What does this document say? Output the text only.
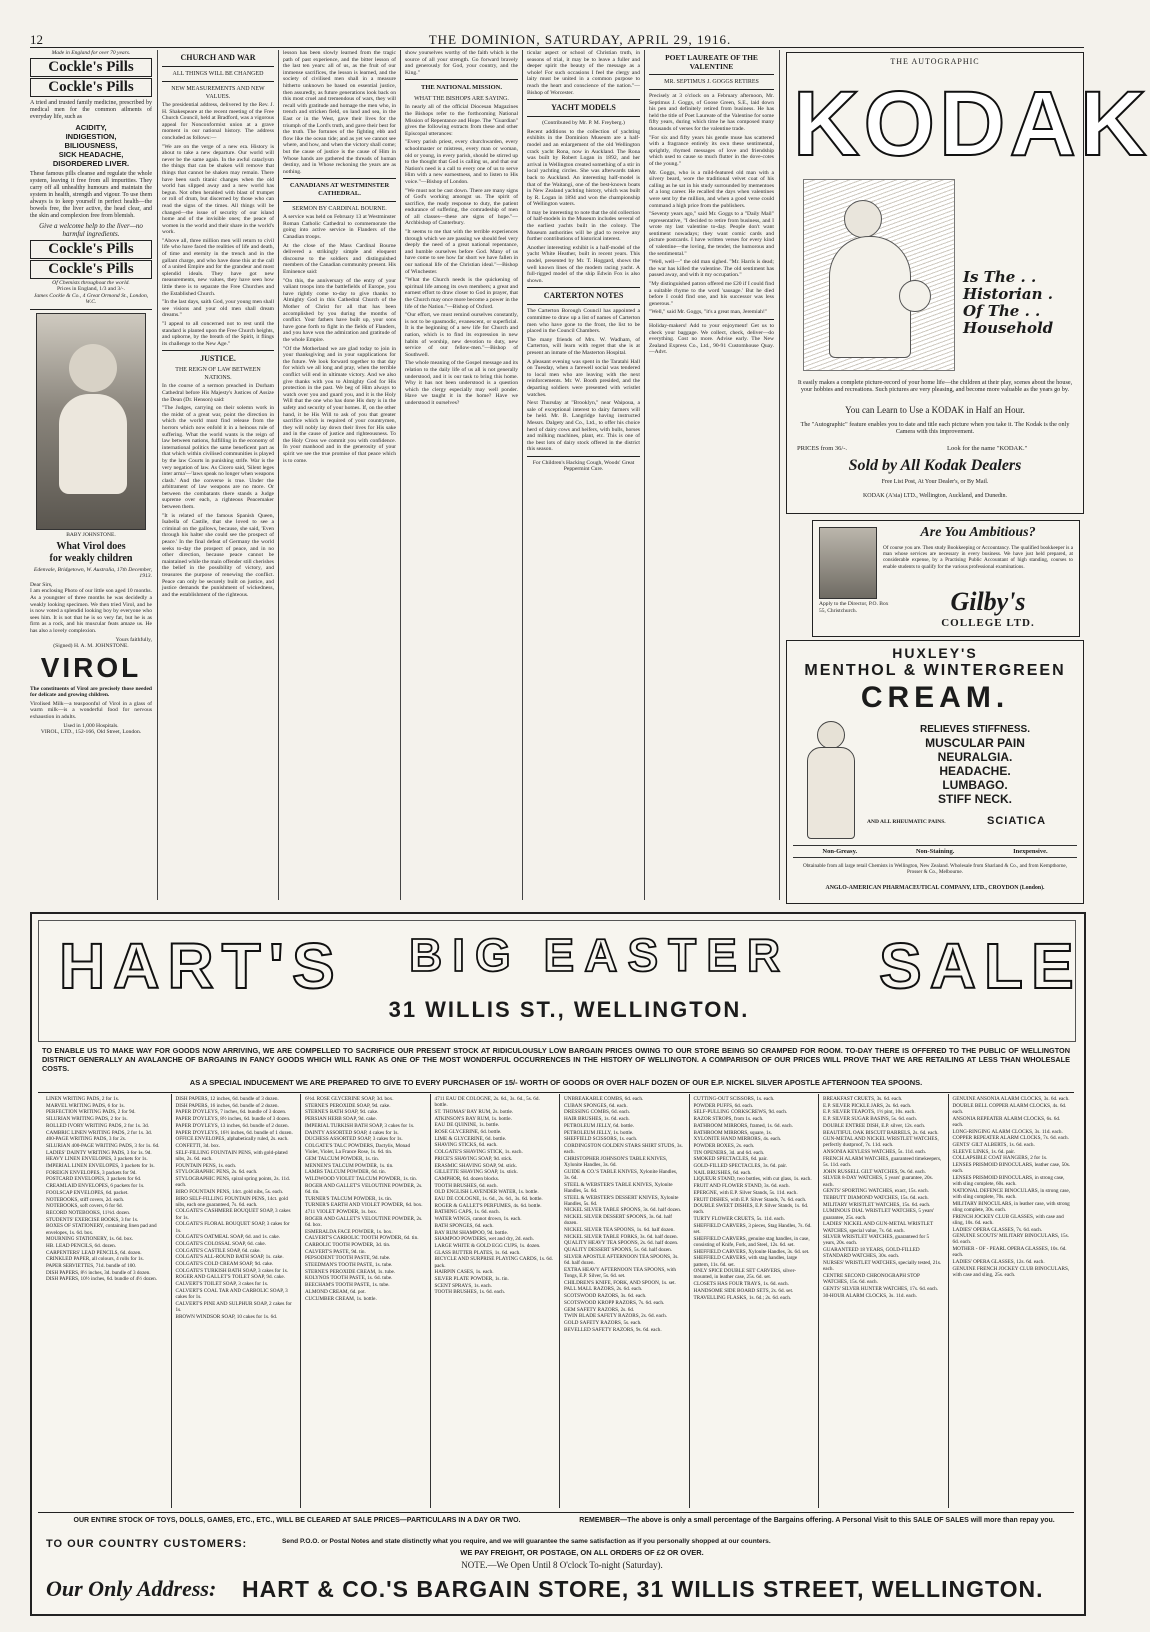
12	THE DOMINION, SATURDAY, APRIL 29, 1916.
Made in England for over 70 years.
Cockle's Pills
Cockle's Pills

A tried and trusted family medicine, prescribed by medical men for the common ailments of everyday life, such as

ACIDITY,
INDIGESTION,
BILIOUSNESS,
SICK HEADACHE,
DISORDERED LIVER.

These famous pills cleanse and regulate the whole system, leaving it free from all impurities. They carry off all unhealthy humours and maintain the system in health, strength and vigour. To use them always is to keep yourself in perfect health—the bowels free, the liver active, the head clear, and the skin and complexion free from blemish.

Give a welcome help to the liver—no harmful ingredients.

Cockle's Pills
Cockle's Pills
Of Chemists throughout the world.
Prices in England, 1/3 and 3/-.
James Cockle & Co., 4 Great Ormond St., London, W.C.
BABY JOHNSTONE.
What Virol does
for weakly children
Edenvale, Bridgetown, W. Australia, 17th December, 1913.
Dear Sirs,

I am enclosing Photo of our little son aged 10 months. As a youngster of three months he was decidedly a weakly looking specimen. We then tried Virol, and he is now voted a splendid looking boy by everyone who sees him. It is not that he is so very fat, but he is as firm as a rock, and his muscular feats amaze us. He has also a lovely complexion.

Yours faithfully,
(Signed) H. A. M. JOHNSTONE.
VIROL

The constituents of Virol are precisely those needed for delicate and growing children.

Virolised Milk—a teaspoonful of Virol in a glass of warm milk—is a wonderful food for nervous exhaustion in adults.

Used in 1,000 Hospitals.
VIROL, LTD., 152-166, Old Street, London.
CHURCH AND WAR
ALL THINGS WILL BE CHANGED
NEW MEASUREMENTS AND NEW VALUES.

The presidential address, delivered by the Rev. J. H. Shakespeare at the recent meeting of the Free Church Council, held at Bradford, was a vigorous appeal for Nonconformist union at a grave moment in our national history. The address concluded as follows:—

"We are on the verge of a new era. History is about to take a new departure. Our world will never be the same again. In the awful cataclysm the things that can be shaken will remove that things that cannot be shaken may remain. There have been such titanic changes when the old world has slipped away and a new world has begun. Not often heralded with blast of trumpet or roll of drum, but discerned by those who can read the signs of the times. All things will be changed—the issue of security of our island home and of the invisible ones; the peace of women in the world and their share in the world's work.

"Above all, three million men will return to civil life who have faced the realities of life and death, of time and eternity in the trench and in the gallant charge, and who have done this at the call of a united Empire and for the grandeur and most splendid ideals. They have got new measurements, new values, they have seen how little there is to separate the Free Churches and the Established Church.

"In the last days, saith God, your young men shall see visions and your old men shall dream dreams."

"I appeal to all concerned not to rest until the standard is planted upon the Free Church heights, and upborne, by the breath of the Spirit, it flings its challenge to the New Age."

JUSTICE.
THE REIGN OF LAW BETWEEN NATIONS.

In the course of a sermon preached in Durham Cathedral before His Majesty's Justices of Assize the Dean (Dr. Henson) said:

"The Judges, carrying on their solemn work in the midst of a great war, point the direction in which the world must find release from the horrors which now enfold it in a heinous rule of suffering. What the world wants is the reign of law between nations, fulfilling in the economy of international politics the same beneficent part as that which within civilised communities is played by the law Courts in punishing strife. War is the very negation of law. As Cicero said, 'Silent leges inter arma'—'laws speak no longer when weapons clash.' And the converse is true. Under the arbitrament of law weapons are no more. Or between the combatants there stands a Judge supreme over each, a righteous Peacemaker between them.

"It is related of the famous Spanish Queen, Isabella of Castile, that she loved to see a criminal on the gallows, because, she said, 'Even through his halter she could see the prospect of peace.' In the final defeat of Germany the world seeks to-day the prospect of peace, and in no other direction, because peace cannot be maintained while the main offender still cherishes the belief in the possibility of victory, and treasures the purpose of renewing the conflict. Peace can only be securely built on justice, and justice demands the punishment of wickedness, and the establishment of the righteous.

lesson has been slowly learned from the tragic path of past experience, and the bitter lesson of the last ten years: all of us, as the fruit of our immense sacrifices, the lesson is learned, and the society of civilised men shall in a measure hitherto unknown be based on essential justice, then assuredly, as future generations look back on this most cruel and tremendous of wars, they will recall with gratitude and homage the men who, in trench and stricken field, on land and sea, in the East or in the West, gave their lives for the triumph of the Lord's truth, and gave their best for the truth. The fortunes of the fighting ebb and flow like the ocean tide; and as yet we cannot see where, and how, and when the victory shall come; but the cause of justice is the cause of Him in Whose hands are gathered the threads of human destiny, and in Whose reckoning the years are as nothing.

CANADIANS AT WESTMINSTER CATHEDRAL.
SERMON BY CARDINAL BOURNE.

A service was held on February 13 at Westminster Roman Catholic Cathedral to commemorate the going into active service in Flanders of the Canadian troops.

At the close of the Mass Cardinal Bourne delivered a strikingly simple and eloquent discourse to the soldiers and distinguished members of the Canadian community present. His Eminence said:

"On this, the anniversary of the entry of your valiant troops into the battlefields of Europe, you have rightly come to-day to give thanks to Almighty God in this Cathedral Church of the Mother of Christ for all that has been accomplished by you during the months of conflict. Your fathers have built up, your sons have gone forth to fight in the fields of Flanders, and you have won the admiration and gratitude of the whole Empire.

"Of the Motherland we are glad today to join in your thanksgiving and in your supplications for the future. We look forward together to that day for which we all long and pray, when the terrible conflict will end in ultimate victory. And we also give thanks with you to Almighty God for His protection in the past. We beg of Him always to watch over you and guard you, and it is the Holy Will that the one who has done His duty is in the safety and security of your homes. If, on the other hand, it be His Will to ask of you that greater sacrifice which is required of your countrymen, they will nobly lay down their lives for His sake and in the cause of justice and righteousness. To the Holy Cross we commit you with confidence. In your manhood and in the generosity of your spirit we see the true promise of that peace which is to come.

show yourselves worthy of the faith which is the source of all your strength. Go forward bravely and generously for God, your country, and the King."

THE NATIONAL MISSION.
WHAT THE BISHOPS ARE SAYING.

In nearly all of the official Diocesan Magazines the Bishops refer to the forthcoming National Mission of Repentance and Hope. The "Guardian" gives the following extracts from these and other Episcopal utterances:

"Every parish priest, every churchwarden, every schoolmaster or mistress, every man or woman, old or young, in every parish, should be stirred up to the thought that God is calling us, and that our Nation's need is a call to every one of us to serve Him with a new earnestness, and to listen to His voice."—Bishop of London.

"We must not be cast down. There are many signs of God's working amongst us. The spirit of sacrifice, the ready response to duty, the patient endurance of suffering, the comradeship of men of all classes—these are signs of hope."—Archbishop of Canterbury.

"It seems to me that with the terrible experiences through which we are passing we should feel very deeply the need of a great national repentance, and humble ourselves before God. Many of us have come to see how far short we have fallen in our national life of the Christian ideal."—Bishop of Winchester.

"What the Church needs is the quickening of spiritual life among its own members; a great and earnest effort to draw closer to God in prayer, that the Church may once more become a power in the life of the Nation."—Bishop of Oxford.

"Our effort, we must remind ourselves constantly, is not to be spasmodic, evanescent, or superficial. It is the beginning of a new life for Church and nation, which is to find its expression in new habits of worship, new devotion to duty, new service of our fellow-men."—Bishop of Southwell.

The whole meaning of the Gospel message and its relation to the daily life of us all is not generally understood, and it is our task to bring this home. Why it has not been understood is a question which the clergy especially may well ponder. Have we taught it in the home? Have we understood it ourselves?

ticular aspect or school of Christian truth, in seasons of trial, it may be to leave a fuller and deeper spirit the beauty of the message as a whole! For such occasions I feel the clergy and laity must be united in a common purpose to reach the heart and conscience of the nation."—Bishop of Worcester.

YACHT MODELS

(Contributed by Mr. P. M. Freyberg.)

Recent additions to the collection of yachting exhibits in the Dominion Museum are a half-model and an enlargement of the old Wellington crack yacht Rona, now in Auckland. The Rona was built by Robert Logan in 1892, and her arrival in Wellington created something of a stir in local yachting circles. She was afterwards taken back to Auckland. An interesting half-model is that of the Waitangi, one of the best-known boats in New Zealand yachting history, which was built by R. Logan in 1894 and won the championship of Wellington waters.

It may be interesting to note that the old collection of half-models in the Museum includes several of the earliest yachts built in the colony. The Museum authorities will be glad to receive any further contributions of historical interest.

Another interesting exhibit is a half-model of the yacht White Heather, built in recent years. This model, presented by Mr. T. Hoggard, shows the well known lines of the modern racing yacht. A full-rigged model of the ship Edwin Fox is also shown.

CARTERTON NOTES

The Carterton Borough Council has appointed a committee to draw up a list of names of Carterton men who have gone to the front, the list to be placed in the Council Chambers.

The many friends of Mrs. W. Wadham, of Carterton, will learn with regret that she is at present an inmate of the Masterton Hospital.

A pleasant evening was spent in the Taratahi Hall on Tuesday, when a farewell social was tendered to local men who are leaving with the next reinforcements. Mr. W. Booth presided, and the departing soldiers were presented with wristlet watches.

Next Thursday at "Brooklyn," near Waipoua, a sale of exceptional interest to dairy farmers will be held. Mr. B. Langridge having instructed Messrs. Dalgety and Co., Ltd., to offer his choice herd of dairy cows and heifers, with bulls, horses and milking machines, plant, etc. This is one of the best lots of dairy stock offered in the district this season.

For Children's Hacking Cough, Woods' Great Peppermint Cure.

POET LAUREATE OF THE VALENTINE
MR. SEPTIMUS J. GOGGS RETIRES

Precisely at 3 o'clock on a February afternoon, Mr. Septimus J. Goggs, of Goose Green, S.E., laid down his pen and definitely retired from business. He has held the title of Poet Laureate of the Valentine for some fifty years, during which time he has composed many thousands of verses for the valentine trade.

"For six and fifty years his gentle muse has scattered with a fragrance entirely its own these sentimental, sprightly, rhymed messages of love and friendship which used to cause so much flutter in the dove-cotes of the young."

Mr. Goggs, who is a mild-featured old man with a silvery beard, wore the traditional velvet coat of his calling as he sat in his study surrounded by mementoes of a long career. He recalled the days when valentines were sent by the million, and when a good verse could command a high price from the publishers.

"Seventy years ago," said Mr. Goggs to a "Daily Mail" representative, "I decided to retire from business, and I wrote my last valentine to-day. People don't want sentiment nowadays; they want comic cards and picture postcards. I have written verses for every kind of valentine—the loving, the tender, the humorous and the sentimental."

"Well, well—" the old man sighed. "Mr. Harris is dead; the war has killed the valentine. The old sentiment has passed away, and with it my occupation."

"My distinguished patron offered me £20 if I could find a suitable rhyme to the word 'sausage.' But he died before I could find one, and his successor was less generous."

"Well," said Mr. Goggs, "it's a great man, Jeremiah!"

Holiday-makers! Add to your enjoyment! Get us to check your baggage. We collect, check, deliver—do everything. Cost no more. Advise early. The New Zealand Express Co., Ltd., 90-91 Customhouse Quay.—Advt.

THE AUTOGRAPHIC
KODAK
Is The . .
Historian .
Of The . .
Household
It easily makes a complete picture-record of your home life—the children at their play, scenes about the house, your hobbies and recreations. Such pictures are very pleasing, and become more valuable as the years go by.
You can Learn to Use a KODAK in Half an Hour.
The "Autographic" feature enables you to date and title each picture when you take it. The Kodak is the only Camera with this improvement.
PRICES from 36/-.	Look for the name "KODAK."
Sold by All Kodak Dealers
Free List Post, At Your Dealer's, or By Mail.
KODAK (A'sia) LTD., Wellington, Auckland, and Dunedin.
Are You Ambitious?
Of course you are. Then study Bookkeeping or Accountancy. The qualified bookkeeper is a man whose services are necessary in every business. We have just held prepared, at considerable expense, by a Practising Public Accountant of high standing, courses to enable students to qualify for the various professional examinations.
Apply to the Director, P.O. Box 55, Christchurch.	Gilby's
COLLEGE LTD.
HUXLEY'S
MENTHOL & WINTERGREEN
CREAM.
RELIEVES STIFFNESS.
MUSCULAR PAIN
NEURALGIA.
HEADACHE.
LUMBAGO.
STIFF NECK.
AND ALL RHEUMATIC PAINS.	SCIATICA
Non-Greasy.	Non-Staining.	Inexpensive.
Obtainable from all large retail Chemists in Wellington, New Zealand. Wholesale from Sharland & Co., and from Kempthorne, Prosser & Co., Melbourne.
ANGLO-AMERICAN PHARMACEUTICAL COMPANY, LTD., CROYDON (London).
HART'S BIG EASTER SALE
31 WILLIS ST., WELLINGTON.
TO ENABLE US TO MAKE WAY FOR GOODS NOW ARRIVING, WE ARE COMPELLED TO SACRIFICE OUR PRESENT STOCK AT RIDICULOUSLY LOW BARGAIN PRICES OWING TO OUR STORE BEING SO CRAMPED FOR ROOM. TO-DAY THERE IS OFFERED TO THE PUBLIC OF WELLINGTON DISTRICT GENERALLY AN AVALANCHE OF BARGAINS IN FANCY GOODS WHICH WILL RANK AS ONE OF THE MOST WONDERFUL OCCURRENCES IN THE HISTORY OF WELLINGTON. A COMPARISON OF OUR PRICES WILL PROVE THAT WE ARE RETAILING AT LESS THAN WHOLESALE COSTS.
AS A SPECIAL INDUCEMENT WE ARE PREPARED TO GIVE TO EVERY PURCHASER OF 15/- WORTH OF GOODS OR OVER HALF DOZEN OF OUR E.P. NICKEL SILVER APOSTLE AFTERNOON TEA SPOONS.
OUR ENTIRE STOCK OF TOYS, DOLLS, GAMES, ETC., ETC., WILL BE CLEARED AT SALE PRICES—PARTICULARS IN A DAY OR TWO.	REMEMBER—The above is only a small percentage of the Bargains offering. A Personal Visit to this SALE OF SALES will more than repay you.
TO OUR COUNTRY CUSTOMERS:	Send P.O.O. or Postal Notes and state distinctly what you require, and we will guarantee the same satisfaction as if you personally shopped at our counters.
WE PAY FREIGHT, OR POSTAGE, ON ALL ORDERS OF £2 OR OVER.
NOTE.—We Open Until 8 O'clock To-night (Saturday).
Our Only Address: HART & CO.'S BARGAIN STORE, 31 WILLIS STREET, WELLINGTON.
LINEN WRITING PADS, 2 for 1s.
MARVEL WRITING PADS, 6 for 1s.
PERFECTION WRITING PADS, 2 for 9d.
SILURIAN WRITING PADS, 2 for 1s.
ROLLED IVORY WRITING PADS, 2 for 1s. 3d.
CAMBRIC LINEN WRITING PADS, 2 for 1s. 3d.
400-PAGE WRITING PADS, 3 for 2s.
SILURIAN 400-PAGE WRITING PADS, 3 for 1s. 6d.
LADIES' DAINTY WRITING PADS, 3 for 1s. 9d.
HEAVY LINEN ENVELOPES, 3 packets for 1s.
IMPERIAL LINEN ENVELOPES, 3 packets for 1s.
FOREIGN ENVELOPES, 3 packets for 9d.
POSTCARD ENVELOPES, 3 packets for 6d.
CREAMLAID ENVELOPES, 6 packets for 1s.
FOOLSCAP ENVELOPES, 6d. packet.
NOTEBOOKS, stiff covers, 2d. each.
NOTEBOOKS, soft covers, 6 for 6d.
RECORD NOTEBOOKS, 11½d. dozen.
STUDENTS' EXERCISE BOOKS, 3 for 1s.
BOXES OF STATIONERY, containing linen pad and envelopes, 1s. 6d. box.
MOURNING STATIONERY, 1s. 6d. box.
HB. LEAD PENCILS, 6d. dozen.
CARPENTERS' LEAD PENCILS, 6d. dozen.
CRINKLED PAPER, all colours, 4 rolls for 1s.
PAPER SERVIETTES, 71d. bundle of 100.
DISH PAPERS, 8½ inches, 3d. bundle of 3 dozen.
DISH PAPERS, 10½ inches, 6d. bundle of 4½ dozen.
DISH PAPERS, 12 inches, 6d. bundle of 3 dozen.
DISH PAPERS, 16 inches, 6d. bundle of 2 dozen.
PAPER D'OYLEYS, 7 inches, 6d. bundle of 3 dozen.
PAPER D'OYLEYS, 8½ inches, 6d. bundle of 3 dozen.
PAPER D'OYLEYS, 13 inches, 6d. bundle of 2 dozen.
PAPER D'OYLEYS, 16½ inches, 6d. bundle of 1 dozen.
OFFICE ENVELOPES, alphabetically ruled, 2s. each.
CONFETTI, 3d. box.
SELF-FILLING FOUNTAIN PENS, with gold-plated nibs, 2s. 6d. each.
FOUNTAIN PENS, 1s. each.
STYLOGRAPHIC PENS, 2s. 6d. each.
STYLOGRAPHIC PENS, spiral spring points, 2s. 11d. each.
BIRO FOUNTAIN PENS, 14ct. gold nibs, 5s. each.
BIRO SELF-FILLING FOUNTAIN PENS, 14ct. gold nibs, each one guaranteed, 7s. 6d. each.
COLGATE'S CASHMERE BOUQUET SOAP, 3 cakes for 1s.
COLGATE'S FLORAL BOUQUET SOAP, 3 cakes for 1s.
COLGATE'S OATMEAL SOAP, 6d. and 1s. cake.
COLGATE'S COLOSSAL SOAP, 6d. cake.
COLGATE'S CASTILE SOAP, 6d. cake.
COLGATE'S ALL-ROUND BATH SOAP, 1s. cake.
COLGATE'S COLD CREAM SOAP, 9d. cake.
COLGATE'S TURKISH BATH SOAP, 3 cakes for 1s.
ROGER AND GALLET'S TOILET SOAP, 9d. cake.
CALVERT'S TOILET SOAP, 3 cakes for 1s.
CALVERT'S COAL TAR AND CARBOLIC SOAP, 3 cakes for 1s.
CALVERT'S PINE AND SULPHUR SOAP, 2 cakes for 1s.
BROWN WINDSOR SOAP, 10 cakes for 1s. 6d.
6½d. ROSE GLYCERINE SOAP, 3d. box.
STERNE'S PEROXIDE SOAP, 9d. cake.
STERNE'S BATH SOAP, 9d. cake.
PERSIAN HERB SOAP, 9d. cake.
IMPERIAL TURKISH BATH SOAP, 3 cakes for 1s.
DAINTY ASSORTED SOAP, 4 cakes for 1s.
DUCHESS ASSORTED SOAP, 3 cakes for 1s.
COLGATE'S TALC POWDERS, Dactylis, Monad Violet, Violet, La France Rose, 1s. 6d. tin.
GEM TALCUM POWDER, 1s. tin.
MENNEN'S TALCUM POWDER, 1s. tin.
LAMBS TALCUM POWDER, 6d. tin.
WILDWOOD VIOLET TALCUM POWDER, 1s. tin.
ROGER AND GALLET'S VELOUTINE POWDER, 2s. 6d. tin.
TURNER'S TALCUM POWDER, 1s. tin.
TURNER'S EARTH AND VIOLET POWDER, 6d. box.
4711 VIOLET POWDER, 1s. box.
ROGER AND GALLET'S VELOUTINE POWDER, 2s. 6d. box.
ESMERALDA FACE POWDER, 1s. box.
CALVERT'S CARBOLIC TOOTH POWDER, 6d. tin.
CARBOLIC TOOTH POWDER, 3d. tin.
CALVERT'S PASTE, 9d. tin.
PEPSODENT TOOTH PASTE, 9d. tube.
STEEDMAN'S TOOTH PASTE, 1s. tube.
STERNE'S PEROXIDE CREAM, 1s. tube.
KOLYNOS TOOTH PASTE, 1s. 6d. tube.
BEECHAM'S TOOTH PASTE, 1s. tube.
ALMOND CREAM, 6d. pot.
CUCUMBER CREAM, 1s. bottle.
4711 EAU DE COLOGNE, 2s. 6d., 3s. 6d., 5s. 6d. bottle.
ST. THOMAS' BAY RUM, 2s. bottle.
ATKINSON'S BAY RUM, 1s. bottle.
EAU DE QUININE, 1s. bottle.
ROSE GLYCERINE, 6d. bottle.
LIME & GLYCERINE, 6d. bottle.
SHAVING STICKS, 6d. each.
COLGATE'S SHAVING STICK, 1s. each.
PRICE'S SHAVING SOAP, 9d. stick.
ERASMIC SHAVING SOAP, 9d. stick.
GILLETTE SHAVING SOAP, 1s. stick.
CAMPHOR, 6d. dozen blocks.
TOOTH BRUSHES, 6d. each.
OLD ENGLISH LAVENDER WATER, 1s. bottle.
EAU DE COLOGNE, 1s. 6d., 2s. 6d., 3s. 6d. bottle.
ROGER & GALLET'S PERFUMES, 4s. 6d. bottle.
BATHING CAPS, 1s. 6d. each.
WATER WINGS, cannot drown, 1s. each.
BATH SPONGES, 6d. each.
BAY RUM SHAMPOO, 9d. bottle.
SHAMPOO POWDERS, wet and dry, 2d. each.
LARGE WHITE & GOLD EGG CUPS, 1s. dozen.
GLASS BUTTER PLATES, 1s. 6d. each.
BICYCLE AND SURPRISE PLAYING CARDS, 1s. 6d. pack.
HAIRPIN CASES, 1s. each.
SILVER PLATE POWDER, 1s. tin.
SCENT SPRAYS, 1s. each.
TOOTH BRUSHES, 1s. 6d. each.
UNBREAKABLE COMBS, 6d. each.
CUBAN SPONGES, 6d. each.
DRESSING COMBS, 6d. each.
HAIR BRUSHES, 1s. 6d. each.
PETROLEUM JELLY, 6d. bottle.
PETROLEUM JELLY, 1s. bottle.
SHEFFIELD SCISSORS, 1s. each.
CORDINGSTON GOLDEN STARS SHIRT STUDS, 3s. each.
CHRISTOPHER JOHNSON'S TABLE KNIVES, Xylonite Handles, 3s. 6d.
GUIDE & CO.'S TABLE KNIVES, Xylonite Handles, 3s. 6d.
STEEL & WEBSTER'S TABLE KNIVES, Xylonite Handles, 5s. 6d.
STEEL & WEBSTER'S DESSERT KNIVES, Xylonite Handles, 5s. 6d.
NICKEL SILVER TABLE SPOONS, 3s. 6d. half dozen.
NICKEL SILVER DESSERT SPOONS, 3s. 6d. half dozen.
NICKEL SILVER TEA SPOONS, 1s. 6d. half dozen.
NICKEL SILVER TABLE FORKS, 3s. 6d. half dozen.
QUALITY HEAVY TEA SPOONS, 2s. 6d. half dozen.
QUALITY DESSERT SPOONS, 5s. 6d. half dozen.
SILVER APOSTLE AFTERNOON TEA SPOONS, 3s. 6d. half dozen.
EXTRA HEAVY AFTERNOON TEA SPOONS, with Tongs, E.P. Silver, 5s. 6d. set.
CHILDREN'S KNIFE, FORK, AND SPOON, 1s. set.
PALL MALL RAZORS, 2s. 6d. each.
SCOTSWOOD RAZORS, 3s. 6d. each.
SCOTSWOOD KROPP RAZORS, 7s. 6d. each.
GEM SAFETY RAZORS, 2s. 6d.
TWIN BLADE SAFETY RAZORS, 2s. 6d. each.
GOLD SAFETY RAZORS, 5s. each.
BEVELLED SAFETY RAZORS, 9s. 6d. each.
CUTTING-OUT SCISSORS, 1s. each.
POWDER PUFFS, 6d. each.
SELF-PULLING CORKSCREWS, 9d. each.
RAZOR STROPS, from 1s. each.
BATHROOM MIRRORS, framed, 1s. 6d. each.
BATHROOM MIRRORS, square, 1s.
XYLONITE HAND MIRRORS, 4s. each.
POWDER BOXES, 2s. each.
TIN OPENERS, 3d. and 6d. each.
SMOKED SPECTACLES, 6d. pair.
GOLD-FILLED SPECTACLES, 3s. 6d. pair.
NAIL BRUSHES, 6d. each.
LIQUEUR STAND, two bottles, with cut glass, 1s. each.
FRUIT AND FLOWER STAND, 3s. 6d. each.
EPERGNE, with E.P. Silver Stands, 5s. 11d. each.
FRUIT DISHES, with E.P. Silver Stands, 7s. 6d. each.
DOUBLE SWEET DISHES, E.P. Silver Stands, 1s. 6d. each.
TURTY FLOWER CRUETS, 5s. 11d. each.
SHEFFIELD CARVERS, 3 pieces, Stag Handles, 7s. 6d. set.
SHEFFIELD CARVERS, genuine stag handles, in case, consisting of Knife, Fork, and Steel, 12s. 6d. set.
SHEFFIELD CARVERS, Xylonite Handles, 3s. 6d. set.
SHEFFIELD CARVERS, with stag handles, large pattern, 11s. 6d. set.
ONLY SPICE DOUBLE SET CARVERS, silver-mounted, in leather case, 25s. 6d. set.
CLOSETS HAS FOUR TRAYS, 1s. 6d. each.
HANDSOME SIDE BOARD SETS, 2s. 6d. set.
TRAVELLING FLASKS, 1s. 6d.; 2s. 6d. each.
BREAKFAST CRUETS, 3s. 6d. each.
E.P. SILVER PICKLE JARS, 2s. 6d. each.
E.P. SILVER TEAPOTS, 1½ pint, 10s. each.
E.P. SILVER SUGAR BASINS, 5s. 6d. each.
DOUBLE ENTREE DISH, E.P. silver, 12s. each.
BEAUTIFUL OAK BISCUIT BARRELS, 2s. 6d. each.
GUN-METAL AND NICKEL WRISTLET WATCHES, perfectly dustproof, 7s. 11d. each.
ANSONIA KEYLESS WATCHES, 5s. 11d. each.
FRENCH ALARM WATCHES, guaranteed timekeepers, 5s. 11d. each.
JOHN RUSSELL GILT WATCHES, 9s. 6d. each.
SILVER 8-DAY WATCHES, 5 years' guarantee, 20s. each.
GENTS' SPORTING WATCHES, exact, 15s. each.
TEBBUTT DIAMOND WATCHES, 15s. 6d. each.
MILITARY WRISTLET WATCHES, 15s. 6d. each.
LUMINOUS DIAL WRISTLET WATCHES, 5 years' guarantee, 25s. each.
LADIES' NICKEL AND GUN-METAL WRISTLET WATCHES, special value, 7s. 6d. each.
SILVER WRISTLET WATCHES, guaranteed for 5 years, 20s. each.
GUARANTEED 18 YEARS, GOLD-FILLED STANDARD WATCHES, 30s. each.
NURSES' WRISTLET WATCHES, specially tested, 21s. each.
CENTRE SECOND CHRONOGRAPH STOP WATCHES, 15s. 6d. each.
GENTS' SILVER HUNTER WATCHES, 17s. 6d. each.
30-HOUR ALARM CLOCKS, 3s. 11d. each.
GENUINE ANSONIA ALARM CLOCKS, 3s. 6d. each.
DOUBLE BELL COPPER ALARM CLOCKS, 4s. 6d. each.
ANSONIA REPEATER ALARM CLOCKS, 6s. 6d. each.
LONG-RINGING ALARM CLOCKS, 3s. 11d. each.
COPPER REPEATER ALARM CLOCKS, 7s. 6d. each.
GENTS' GILT ALBERTS, 1s. 6d. each.
SLEEVE LINKS, 1s. 6d. pair.
COLLAPSIBLE COAT HANGERS, 2 for 1s.
LENSES PRISMOID BINOCULARS, leather case, 50s. each.
LENSES PRISMOID BINOCULARS, in strong case, with sling complete, 60s. each.
NATIONAL DEFENCE BINOCULARS, in strong case, with sling complete, 70s. each.
MILITARY BINOCULARS, in leather case, with strong sling complete, 30s. each.
FRENCH JOCKEY CLUB GLASSES, with case and sling, 10s. 6d. each.
LADIES' OPERA GLASSES, 7s. 6d. each.
GENUINE SCOUTS' MILITARY BINOCULARS, 15s. 6d. each.
MOTHER - OF - PEARL OPERA GLASSES, 10s. 6d. each.
LADIES' OPERA GLASSES, 12s. 6d. each.
GENUINE FRENCH JOCKEY CLUB BINOCULARS, with case and sling, 25s. each.
